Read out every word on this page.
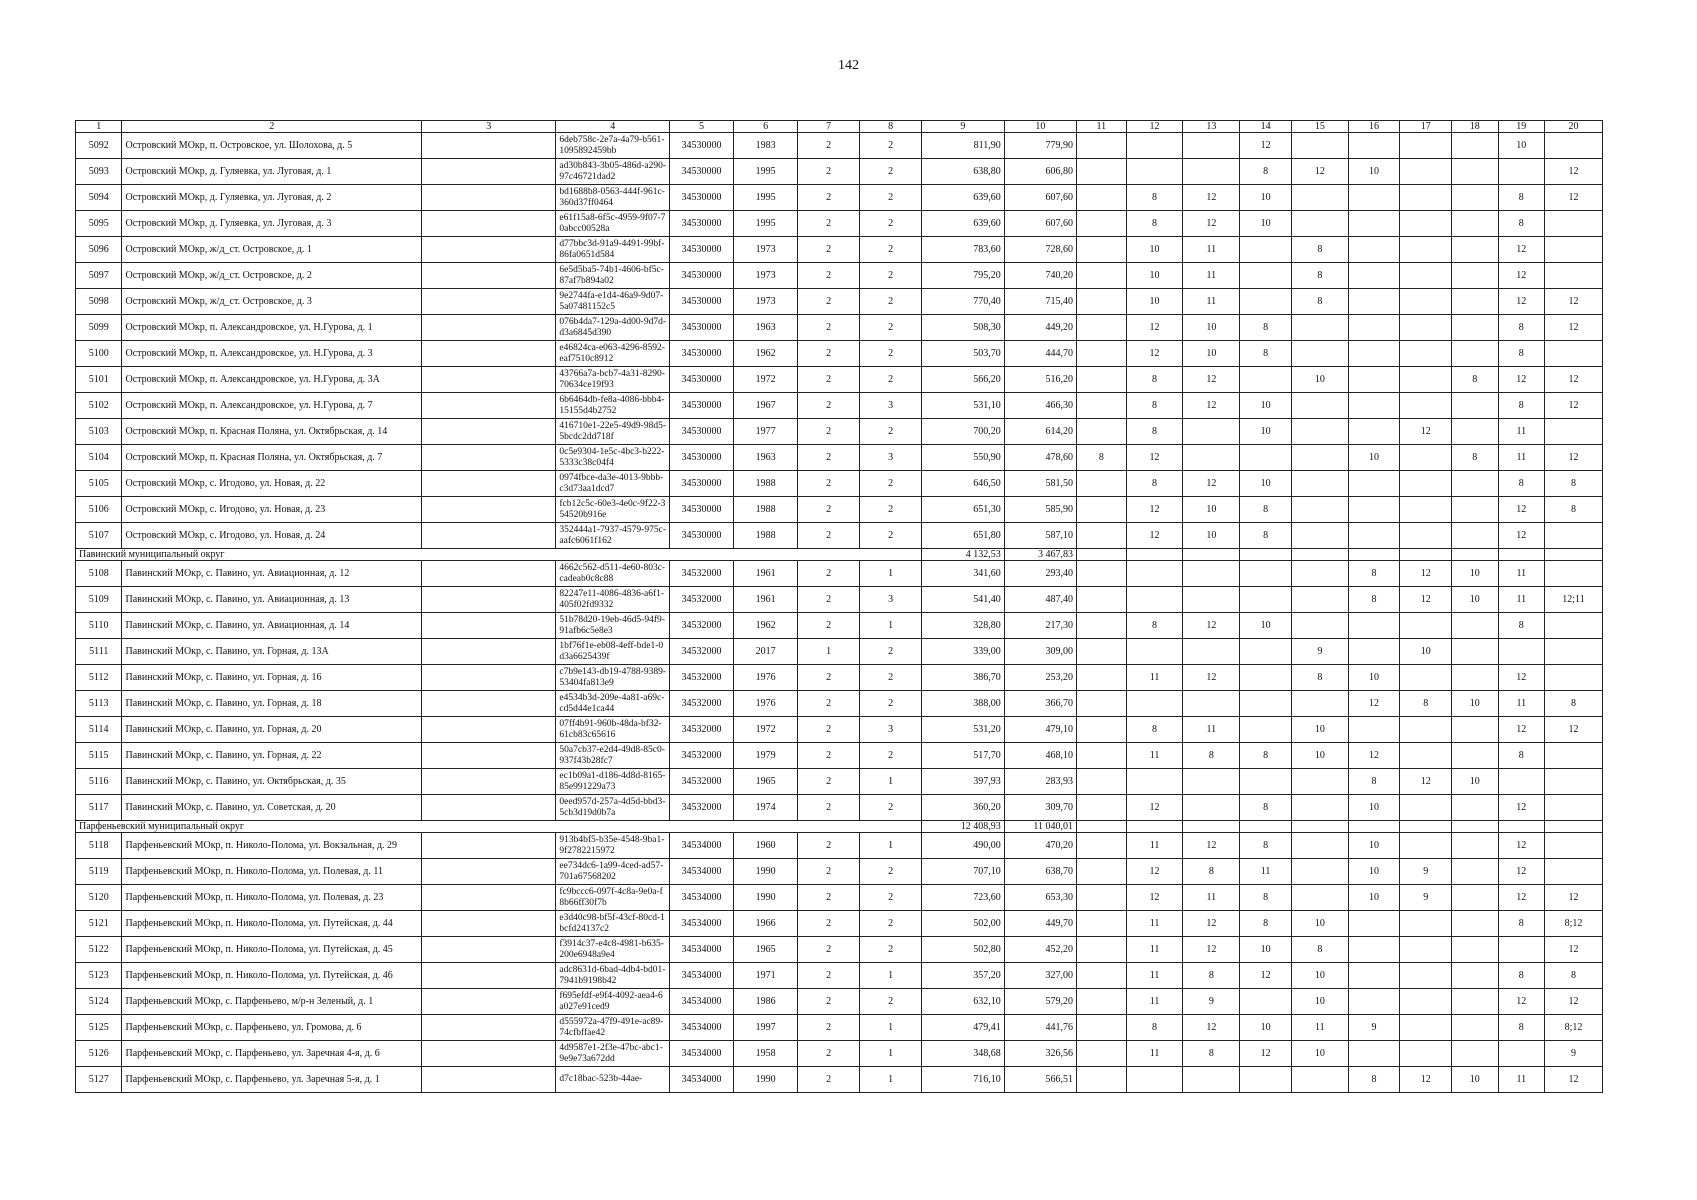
142
1	2	3	4	5	6	7	8	9	10	11	12	13	14	15	16	17	18	19	20
5092	Островский МОкр, п. Островское, ул. Шолохова, д. 5		6deb758c-2e7a-4a79-b561-1095892459bb	34530000	1983	2	2	811,90	779,90				12					10	
5093	Островский МОкр, д. Гуляевка, ул. Луговая, д. 1		ad30b843-3b05-486d-a290-97c46721dad2	34530000	1995	2	2	638,80	606,80				8	12	10				12
5094	Островский МОкр, д. Гуляевка, ул. Луговая, д. 2		bd1688b8-0563-444f-961c-360d37ff0464	34530000	1995	2	2	639,60	607,60		8	12	10					8	12
5095	Островский МОкр, д. Гуляевка, ул. Луговая, д. 3		e61f15a8-6f5c-4959-9f07-70abcc00528a	34530000	1995	2	2	639,60	607,60		8	12	10					8	
5096	Островский МОкр, ж/д_ст. Островское, д. 1		d77bbc3d-91a9-4491-99bf-86fa0651d584	34530000	1973	2	2	783,60	728,60		10	11		8				12	
5097	Островский МОкр, ж/д_ст. Островское, д. 2		6e5d5ba5-74b1-4606-bf5c-87af7b894a02	34530000	1973	2	2	795,20	740,20		10	11		8				12	
5098	Островский МОкр, ж/д_ст. Островское, д. 3		9e2744fa-e1d4-46a9-9d07-5a07481152c5	34530000	1973	2	2	770,40	715,40		10	11		8				12	12
5099	Островский МОкр, п. Александровское, ул. Н.Гурова, д. 1		076b4da7-129a-4d00-9d7d-d3a6845d390	34530000	1963	2	2	508,30	449,20		12	10	8					8	12
5100	Островский МОкр, п. Александровское, ул. Н.Гурова, д. 3		e46824ca-e063-4296-8592-eaf7510c8912	34530000	1962	2	2	503,70	444,70		12	10	8					8	
5101	Островский МОкр, п. Александровское, ул. Н.Гурова, д. 3А		43766a7a-bcb7-4a31-8290-70634ce19f93	34530000	1972	2	2	566,20	516,20		8	12		10			8	12	12
5102	Островский МОкр, п. Александровское, ул. Н.Гурова, д. 7		6b6464db-fe8a-4086-bbb4-15155d4b2752	34530000	1967	2	3	531,10	466,30		8	12	10					8	12
5103	Островский МОкр, п. Красная Поляна, ул. Октябрьская, д. 14		416710e1-22e5-49d9-98d5-5bcdc2dd718f	34530000	1977	2	2	700,20	614,20		8		10			12		11	
5104	Островский МОкр, п. Красная Поляна, ул. Октябрьская, д. 7		0c5e9304-1e5c-4bc3-b222-5333c38c04f4	34530000	1963	2	3	550,90	478,60	8	12				10		8	11	12
5105	Островский МОкр, с. Игодово, ул. Новая, д. 22		0974fbce-da3e-4013-9bbb-c3d73aa1dcd7	34530000	1988	2	2	646,50	581,50		8	12	10					8	8
5106	Островский МОкр, с. Игодово, ул. Новая, д. 23		fcb12c5c-60e3-4e0c-9f22-354520b916e	34530000	1988	2	2	651,30	585,90		12	10	8					12	8
5107	Островский МОкр, с. Игодово, ул. Новая, д. 24		352444a1-7937-4579-975c-aafc6061f162	34530000	1988	2	2	651,80	587,10		12	10	8					12	
Павинский муниципальный округ								4 132,53	3 467,83										
5108	Павинский МОкр, с. Павино, ул. Авиационная, д. 12		4662c562-d511-4e60-803c-cadeab0c8c88	34532000	1961	2	1	341,60	293,40						8	12	10	11	
5109	Павинский МОкр, с. Павино, ул. Авиационная, д. 13		82247e11-4086-4836-a6f1-405f02fd9332	34532000	1961	2	3	541,40	487,40						8	12	10	11	12;11
5110	Павинский МОкр, с. Павино, ул. Авиационная, д. 14		51b78d20-19eb-46d5-94f9-91afb6c5e8e3	34532000	1962	2	1	328,80	217,30		8	12	10					8	
5111	Павинский МОкр, с. Павино, ул. Горная, д. 13А		1bf76f1e-eb08-4eff-bde1-0d3a6625439f	34532000	2017	1	2	339,00	309,00					9		10			
5112	Павинский МОкр, с. Павино, ул. Горная, д. 16		c7b9e143-db19-4788-9389-53404fa813e9	34532000	1976	2	2	386,70	253,20		11	12		8	10			12	
5113	Павинский МОкр, с. Павино, ул. Горная, д. 18		e4534b3d-209e-4a81-a69c-cd5d44e1ca44	34532000	1976	2	2	388,00	366,70						12	8	10	11	8
5114	Павинский МОкр, с. Павино, ул. Горная, д. 20		07ff4b91-960b-48da-bf32-61cb83c65616	34532000	1972	2	3	531,20	479,10		8	11		10				12	12
5115	Павинский МОкр, с. Павино, ул. Горная, д. 22		50a7cb37-e2d4-49d8-85c0-937f43b28fc7	34532000	1979	2	2	517,70	468,10		11	8	8	10	12			8	
5116	Павинский МОкр, с. Павино, ул. Октябрьская, д. 35		ec1b09a1-d186-4d8d-8165-85e991229a73	34532000	1965	2	1	397,93	283,93						8	12	10		
5117	Павинский МОкр, с. Павино, ул. Советская, д. 20		0eed957d-257a-4d5d-bbd3-5cb3d19d0b7a	34532000	1974	2	2	360,20	309,70		12		8		10			12	
Парфеньевский муниципальный округ								12 408,93	11 040,01										
5118	Парфеньевский МОкр, п. Николо-Полома, ул. Вокзальная, д. 29		913b4bf5-b35e-4548-9ba1-9f2782215972	34534000	1960	2	1	490,00	470,20		11	12	8		10			12	
5119	Парфеньевский МОкр, п. Николо-Полома, ул. Полевая, д. 11		ee734dc6-1a99-4ced-ad57-701a67568202	34534000	1990	2	2	707,10	638,70		12	8	11		10	9		12	
5120	Парфеньевский МОкр, п. Николо-Полома, ул. Полевая, д. 23		fc9bccc6-097f-4c8a-9e0a-f8b66ff30f7b	34534000	1990	2	2	723,60	653,30		12	11	8		10	9		12	12
5121	Парфеньевский МОкр, п. Николо-Полома, ул. Путейская, д. 44		e3d40c98-bf5f-43cf-80cd-1bcfd24137c2	34534000	1966	2	2	502,00	449,70		11	12	8	10				8	8;12
5122	Парфеньевский МОкр, п. Николо-Полома, ул. Путейская, д. 45		f3914c37-e4c8-4981-b635-200e6948a9e4	34534000	1965	2	2	502,80	452,20		11	12	10	8					12
5123	Парфеньевский МОкр, п. Николо-Полома, ул. Путейская, д. 46		adc8631d-6bad-4db4-bd01-7941b9198b42	34534000	1971	2	1	357,20	327,00		11	8	12	10				8	8
5124	Парфеньевский МОкр, с. Парфеньево, м/р-н Зеленый, д. 1		f695efdf-e9f4-4092-aea4-6a027e91ced9	34534000	1986	2	2	632,10	579,20		11	9		10				12	12
5125	Парфеньевский МОкр, с. Парфеньево, ул. Громова, д. 6		d555972a-47f9-491e-ac89-74cfbffae42	34534000	1997	2	1	479,41	441,76		8	12	10	11	9			8	8;12
5126	Парфеньевский МОкр, с. Парфеньево, ул. Заречная 4-я, д. 6		4d9587e1-2f3e-47bc-abc1-9e9e73a672dd	34534000	1958	2	1	348,68	326,56		11	8	12	10					9
5127	Парфеньевский МОкр, с. Парфеньево, ул. Заречная 5-я, д. 1		d7c18bac-523b-44ae-	34534000	1990	2	1	716,10	566,51						8	12	10	11	12
